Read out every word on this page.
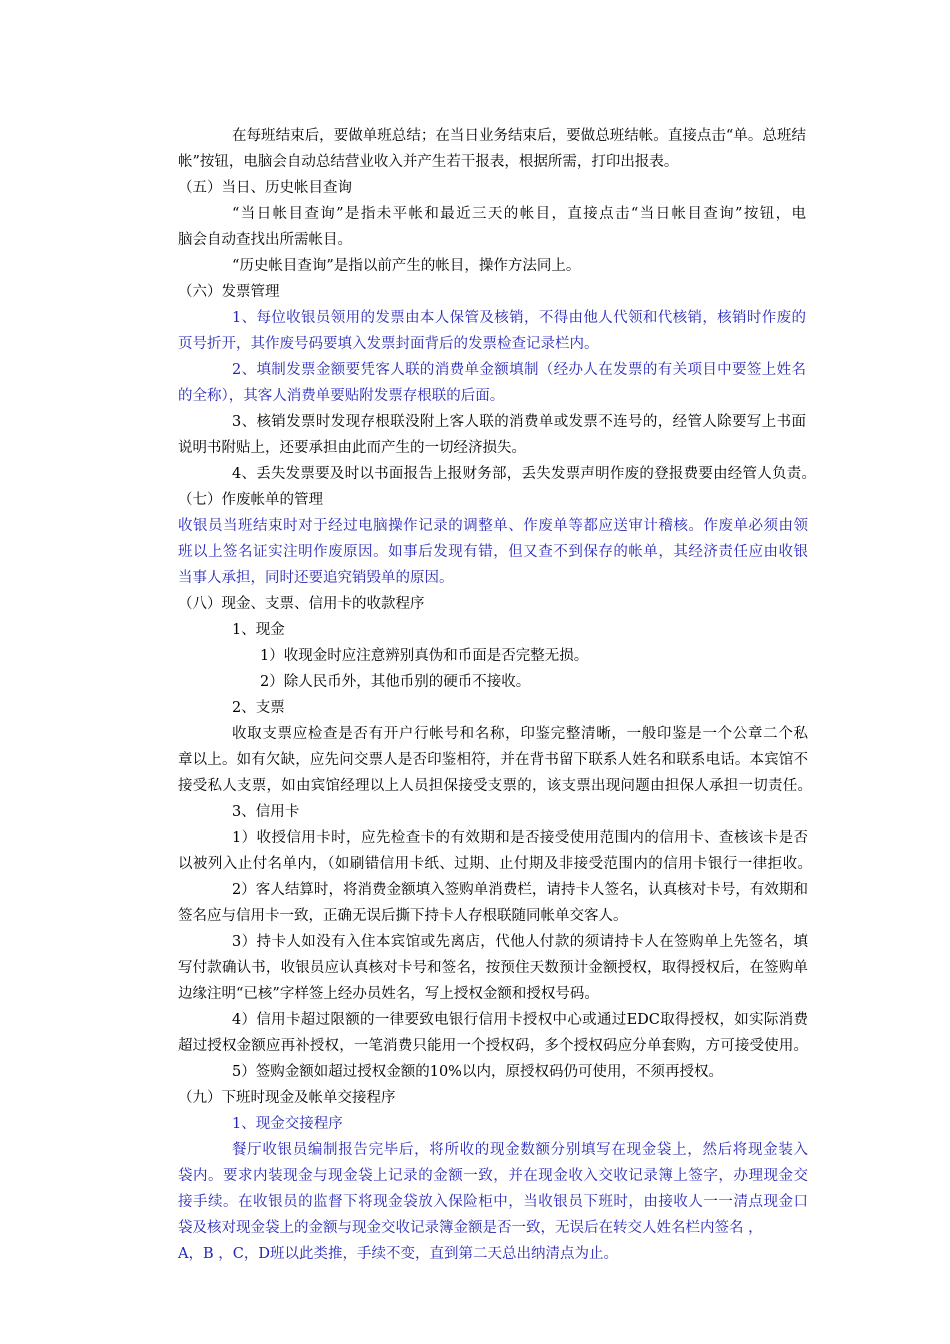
在每班结束后，要做单班总结；在当日业务结束后，要做总班结帐。直接点击“单。总班结
帐”按钮，电脑会自动总结营业收入并产生若干报表，根据所需，打印出报表。
（五）当日、历史帐目查询
“当日帐目查询”是指未平帐和最近三天的帐目，直接点击“当日帐目查询”按钮，电
脑会自动查找出所需帐目。
“历史帐目查询”是指以前产生的帐目，操作方法同上。
（六）发票管理
1、每位收银员领用的发票由本人保管及核销，不得由他人代领和代核销，核销时作废的
页号折开，其作废号码要填入发票封面背后的发票检查记录栏内。
2、填制发票金额要凭客人联的消费单金额填制（经办人在发票的有关项目中要签上姓名
的全称），其客人消费单要贴附发票存根联的后面。
3、核销发票时发现存根联没附上客人联的消费单或发票不连号的，经管人除要写上书面
说明书附贴上，还要承担由此而产生的一切经济损失。
4、丢失发票要及时以书面报告上报财务部，丢失发票声明作废的登报费要由经管人负责。
（七）作废帐单的管理
收银员当班结束时对于经过电脑操作记录的调整单、作废单等都应送审计稽核。作废单必须由领
班以上签名证实注明作废原因。如事后发现有错，但又查不到保存的帐单，其经济责任应由收银
当事人承担，同时还要追究销毁单的原因。
（八）现金、支票、信用卡的收款程序
1、现金
1）收现金时应注意辨别真伪和币面是否完整无损。
2）除人民币外，其他币别的硬币不接收。
2、支票
收取支票应检查是否有开户行帐号和名称，印鉴完整清晰，一般印鉴是一个公章二个私
章以上。如有欠缺，应先问交票人是否印鉴相符，并在背书留下联系人姓名和联系电话。本宾馆不
接受私人支票，如由宾馆经理以上人员担保接受支票的，该支票出现问题由担保人承担一切责任。
3、信用卡
1）收授信用卡时，应先检查卡的有效期和是否接受使用范围内的信用卡、查核该卡是否
以被列入止付名单内，（如刷错信用卡纸、过期、止付期及非接受范围内的信用卡银行一律拒收。
2）客人结算时，将消费金额填入签购单消费栏，请持卡人签名，认真核对卡号，有效期和
签名应与信用卡一致，正确无误后撕下持卡人存根联随同帐单交客人。
3）持卡人如没有入住本宾馆或先离店，代他人付款的须请持卡人在签购单上先签名，填
写付款确认书，收银员应认真核对卡号和签名，按预住天数预计金额授权，取得授权后，在签购单
边缘注明“已核”字样签上经办员姓名，写上授权金额和授权号码。
4）信用卡超过限额的一律要致电银行信用卡授权中心或通过EDC取得授权，如实际消费
超过授权金额应再补授权，一笔消费只能用一个授权码，多个授权码应分单套购，方可接受使用。
5）签购金额如超过授权金额的10%以内，原授权码仍可使用，不须再授权。
（九）下班时现金及帐单交接程序
1、现金交接程序
餐厅收银员编制报告完毕后，将所收的现金数额分别填写在现金袋上，然后将现金装入
袋内。要求内装现金与现金袋上记录的金额一致，并在现金收入交收记录簿上签字，办理现金交
接手续。在收银员的监督下将现金袋放入保险柜中，当收银员下班时，由接收人一一清点现金口
袋及核对现金袋上的金额与现金交收记录簿金额是否一致，无误后在转交人姓名栏内签名 ，
A，B ，C，D班以此类推，手续不变，直到第二天总出纳清点为止。
